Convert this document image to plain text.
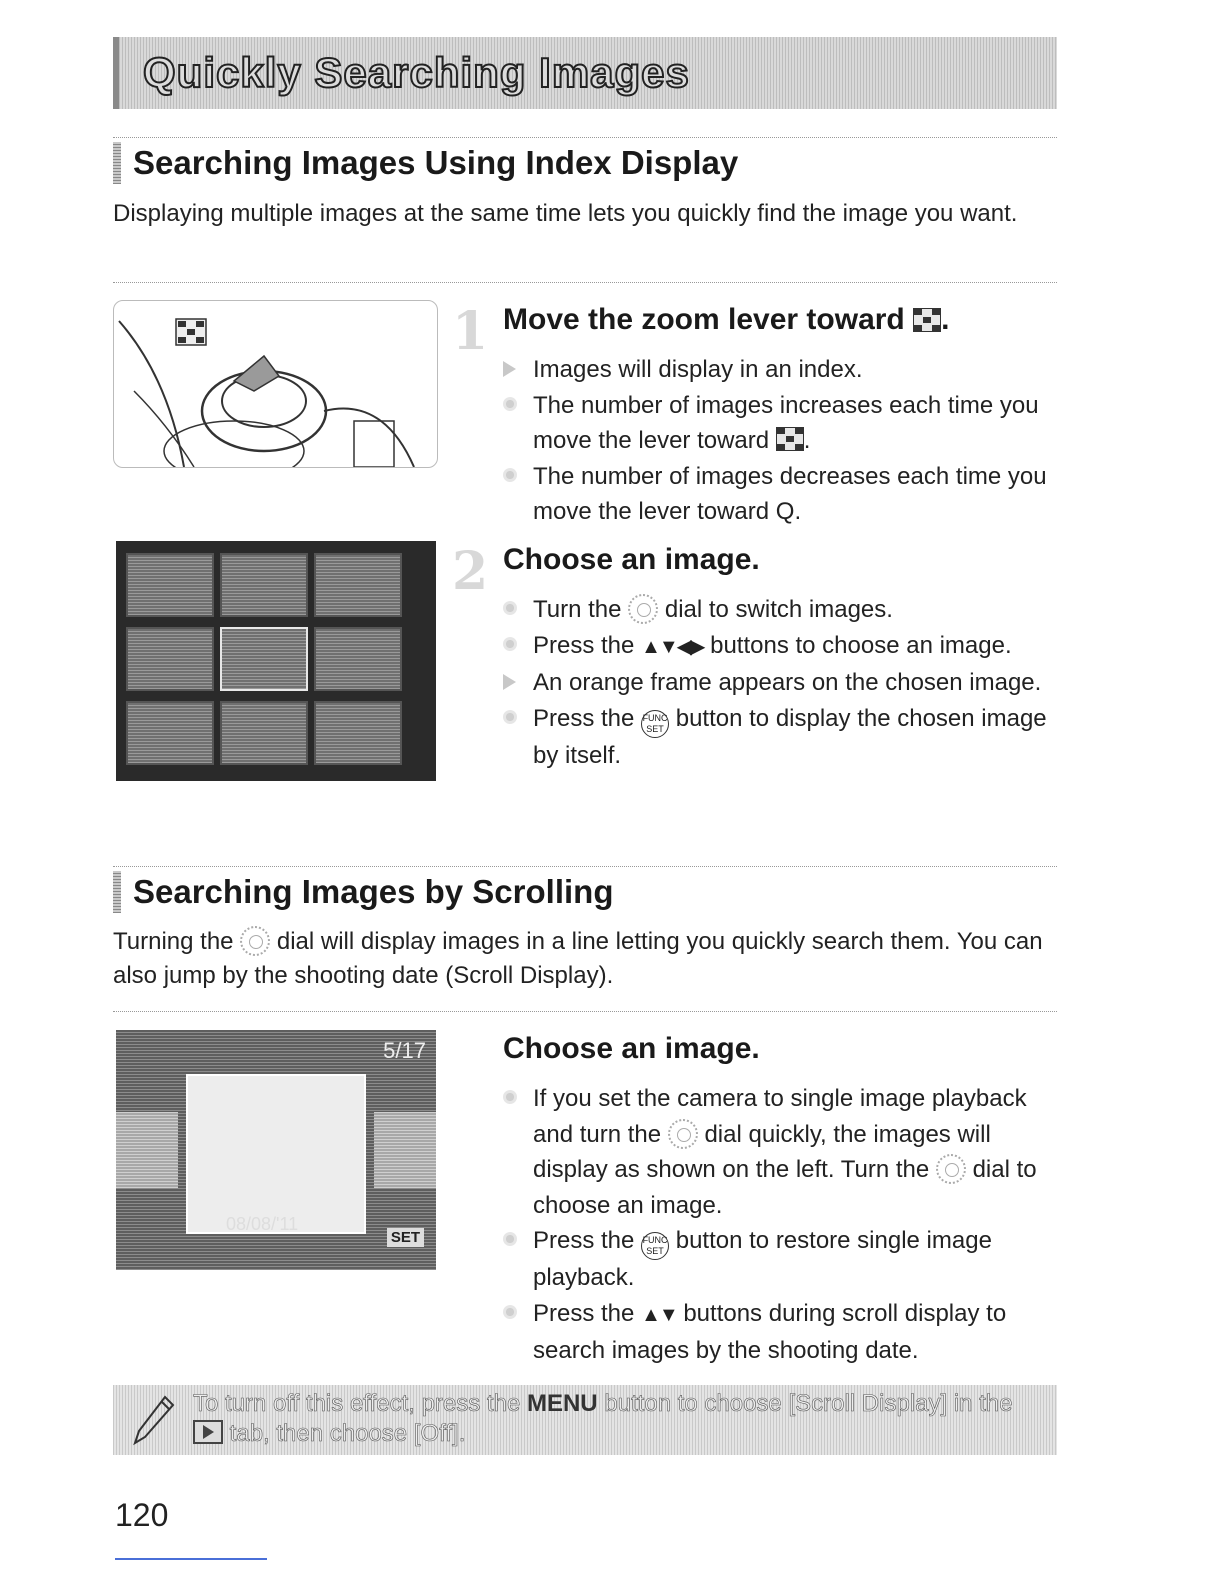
Quickly Searching Images
Searching Images Using Index Display

Displaying multiple images at the same time lets you quickly find the image you want.

1 Move the zoom lever toward .
Images will display in an index.
The number of images increases each time you move the lever toward .
The number of images decreases each time you move the lever toward Q.
2 Choose an image.
Turn the dial to switch images.
Press the ▲▼◀▶ buttons to choose an image.
An orange frame appears on the chosen image.
Press the FUNC SET button to display the chosen image by itself.
Searching Images by Scrolling

Turning the dial will display images in a line letting you quickly search them. You can also jump by the shooting date (Scroll Display).

5/17
08/08/'11
SET
Choose an image.
If you set the camera to single image playback and turn the dial quickly, the images will display as shown on the left. Turn the dial to choose an image.
Press the FUNC SET button to restore single image playback.
Press the ▲▼ buttons during scroll display to search images by the shooting date.

To turn off this effect, press the MENU button to choose [Scroll Display] in the  tab, then choose [Off].

120
